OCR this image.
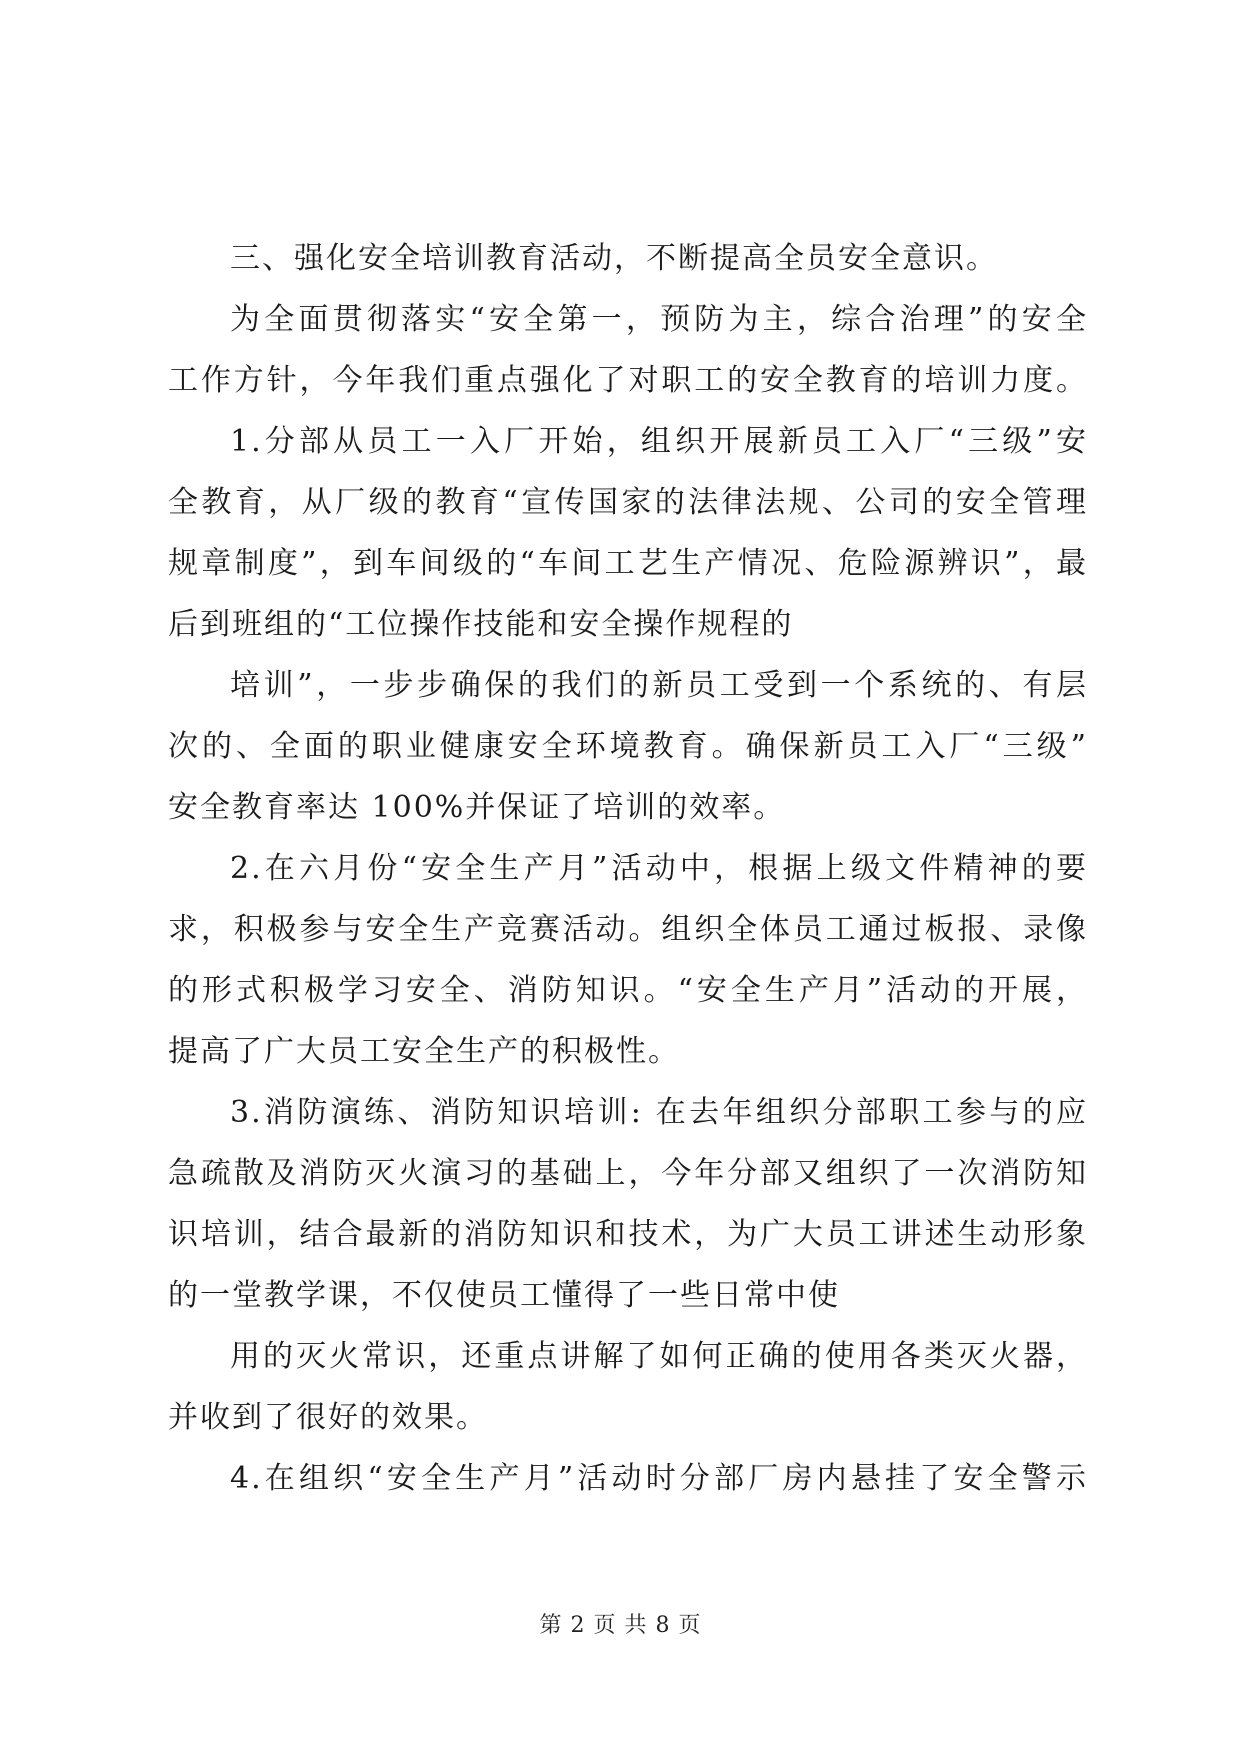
三、强化安全培训教育活动，不断提高全员安全意识。
为全面贯彻落实“安全第一，预防为主，综合治理”的安全
工作方针，今年我们重点强化了对职工的安全教育的培训力度。
1.分部从员工一入厂开始，组织开展新员工入厂“三级”安
全教育，从厂级的教育“宣传国家的法律法规、公司的安全管理
规章制度”，到车间级的“车间工艺生产情况、危险源辨识”，最
后到班组的“工位操作技能和安全操作规程的
培训”，一步步确保的我们的新员工受到一个系统的、有层
次的、全面的职业健康安全环境教育。确保新员工入厂“三级”
安全教育率达 100%并保证了培训的效率。
2.在六月份“安全生产月”活动中，根据上级文件精神的要
求，积极参与安全生产竞赛活动。组织全体员工通过板报、录像
的形式积极学习安全、消防知识。“安全生产月”活动的开展，
提高了广大员工安全生产的积极性。
3.消防演练、消防知识培训: 在去年组织分部职工参与的应
急疏散及消防灭火演习的基础上，今年分部又组织了一次消防知
识培训，结合最新的消防知识和技术，为广大员工讲述生动形象
的一堂教学课，不仅使员工懂得了一些日常中使
用的灭火常识，还重点讲解了如何正确的使用各类灭火器，
并收到了很好的效果。
4.在组织“安全生产月”活动时分部厂房内悬挂了安全警示
第 2 页 共 8 页
